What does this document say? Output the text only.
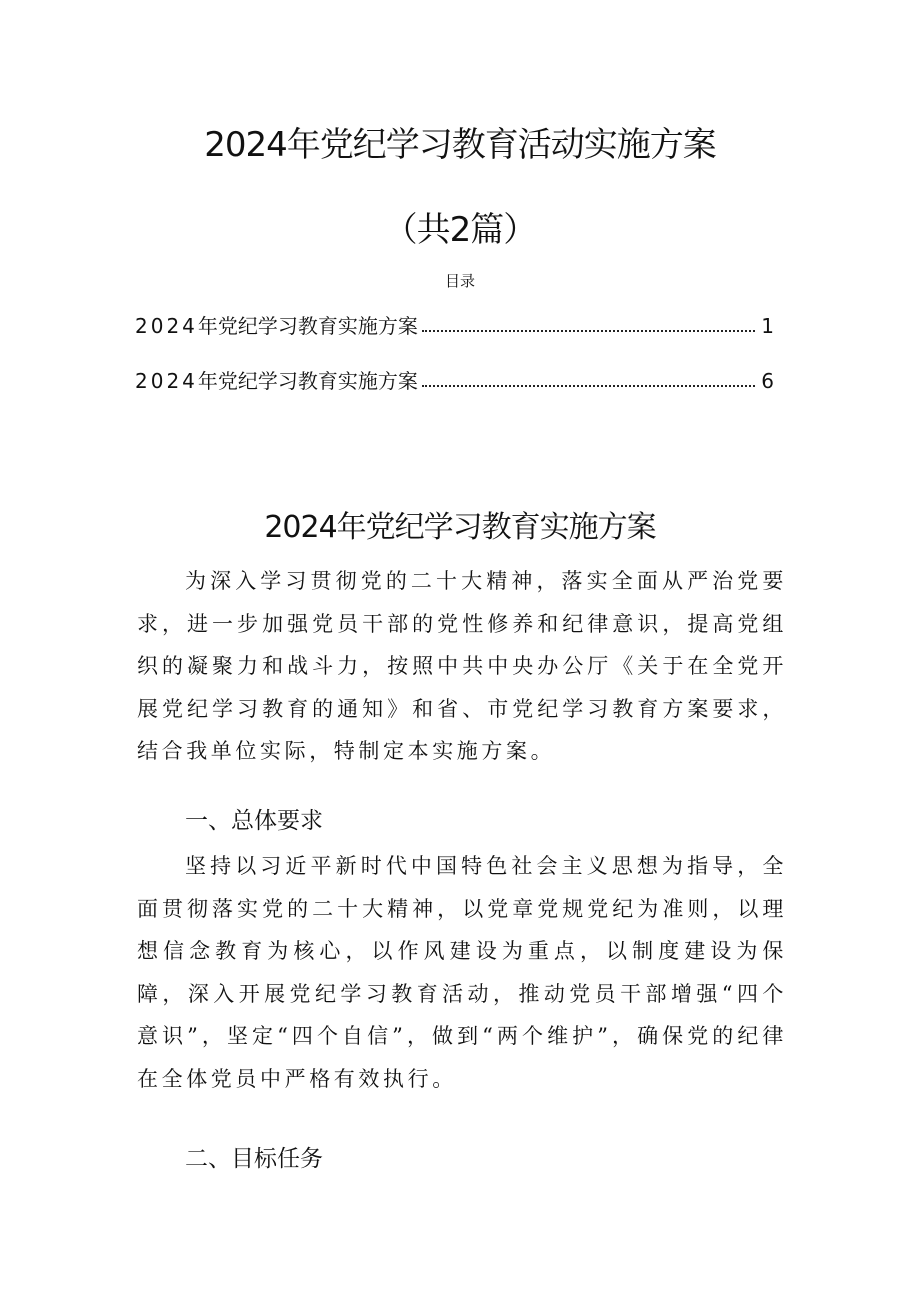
2024年党纪学习教育活动实施方案
（共2篇）
目录
2024 年党纪学习教育实施方案	1
2024 年党纪学习教育实施方案	6
2024年党纪学习教育实施方案

为深入学习贯彻党的二十大精神，落实全面从严治党要求，进一步加强党员干部的党性修养和纪律意识，提高党组织的凝聚力和战斗力，按照中共中央办公厅《关于在全党开展党纪学习教育的通知》和省、市党纪学习教育方案要求，结合我单位实际，特制定本实施方案。

一、总体要求

坚持以习近平新时代中国特色社会主义思想为指导，全面贯彻落实党的二十大精神，以党章党规党纪为准则，以理想信念教育为核心，以作风建设为重点，以制度建设为保障，深入开展党纪学习教育活动，推动党员干部增强“四个意识”，坚定“四个自信”，做到“两个维护”，确保党的纪律在全体党员中严格有效执行。

二、目标任务
